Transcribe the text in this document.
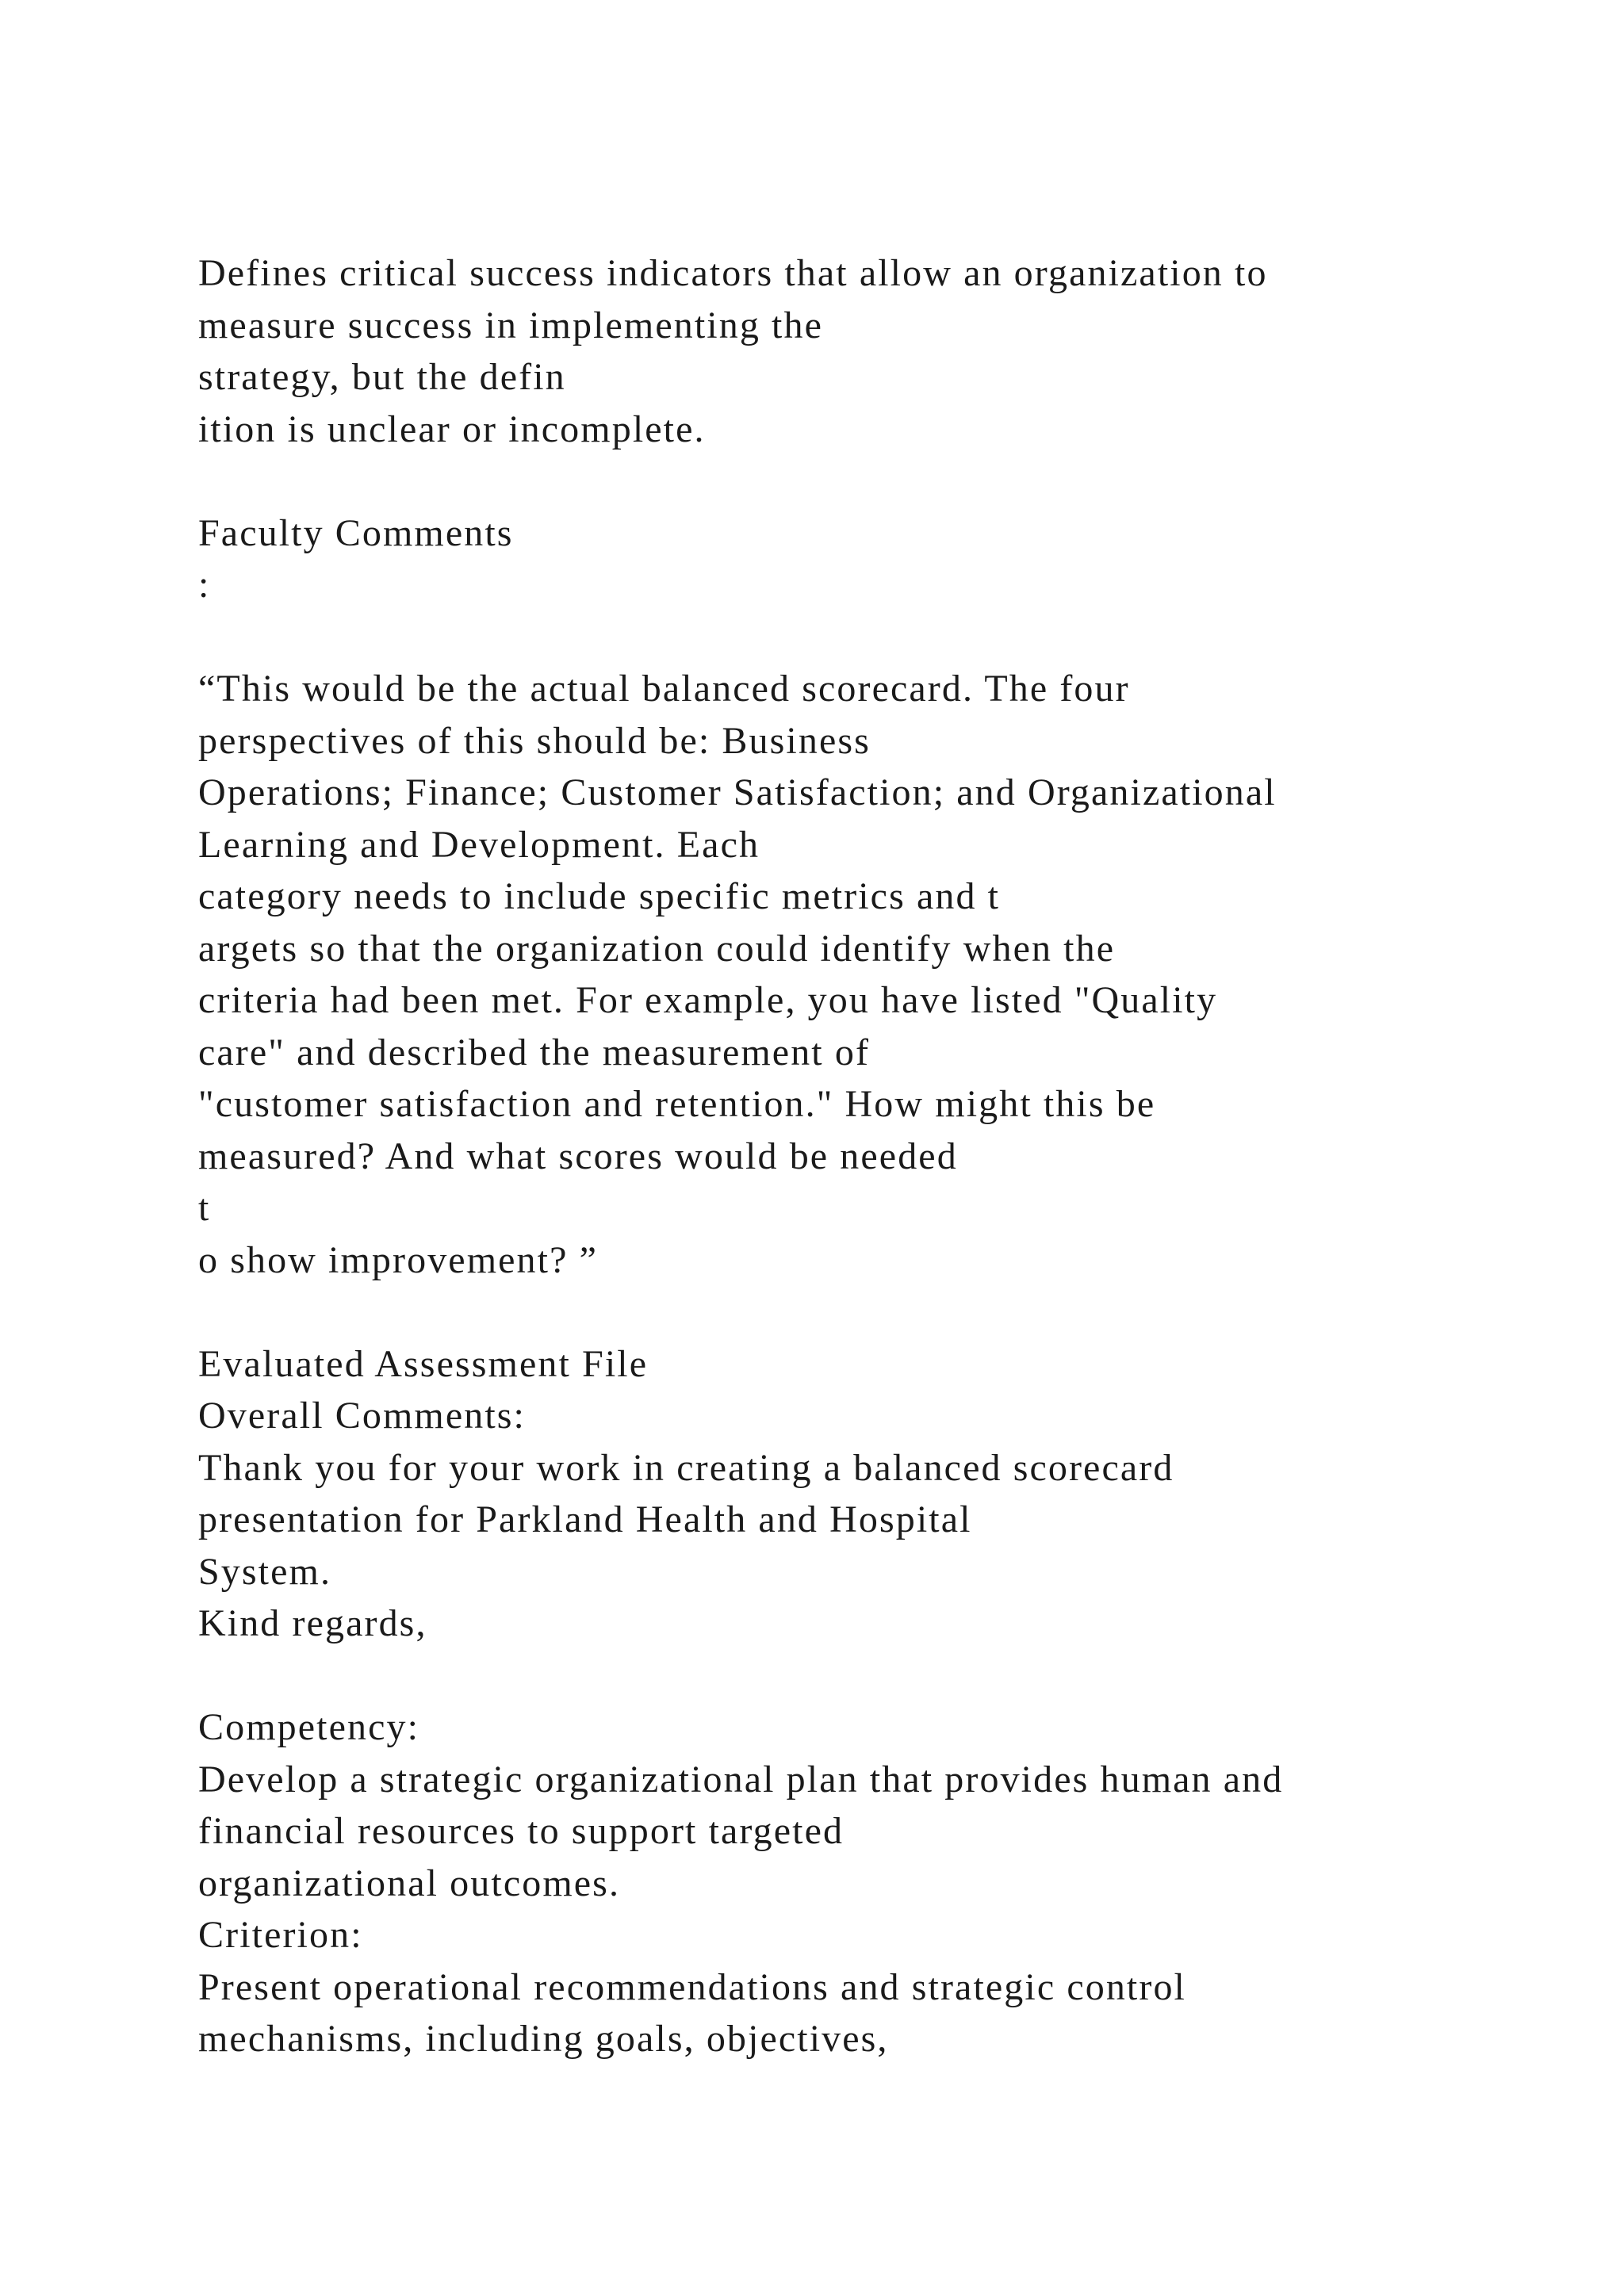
Defines critical success indicators that allow an organization to
measure success in implementing the
strategy, but the defin
ition is unclear or incomplete.
Faculty Comments
:
“This would be the actual balanced scorecard. The four
perspectives of this should be: Business
Operations; Finance; Customer Satisfaction; and Organizational
Learning and Development. Each
category needs to include specific metrics and t
argets so that the organization could identify when the
criteria had been met. For example, you have listed "Quality
care" and described the measurement of
"customer satisfaction and retention." How might this be
measured? And what scores would be needed
t
o show improvement? ”
Evaluated Assessment File
Overall Comments:
Thank you for your work in creating a balanced scorecard
presentation for Parkland Health and Hospital
System.
Kind regards,
Competency:
Develop a strategic organizational plan that provides human and
financial resources to support targeted
organizational outcomes.
Criterion:
Present operational recommendations and strategic control
mechanisms, including goals, objectives,
